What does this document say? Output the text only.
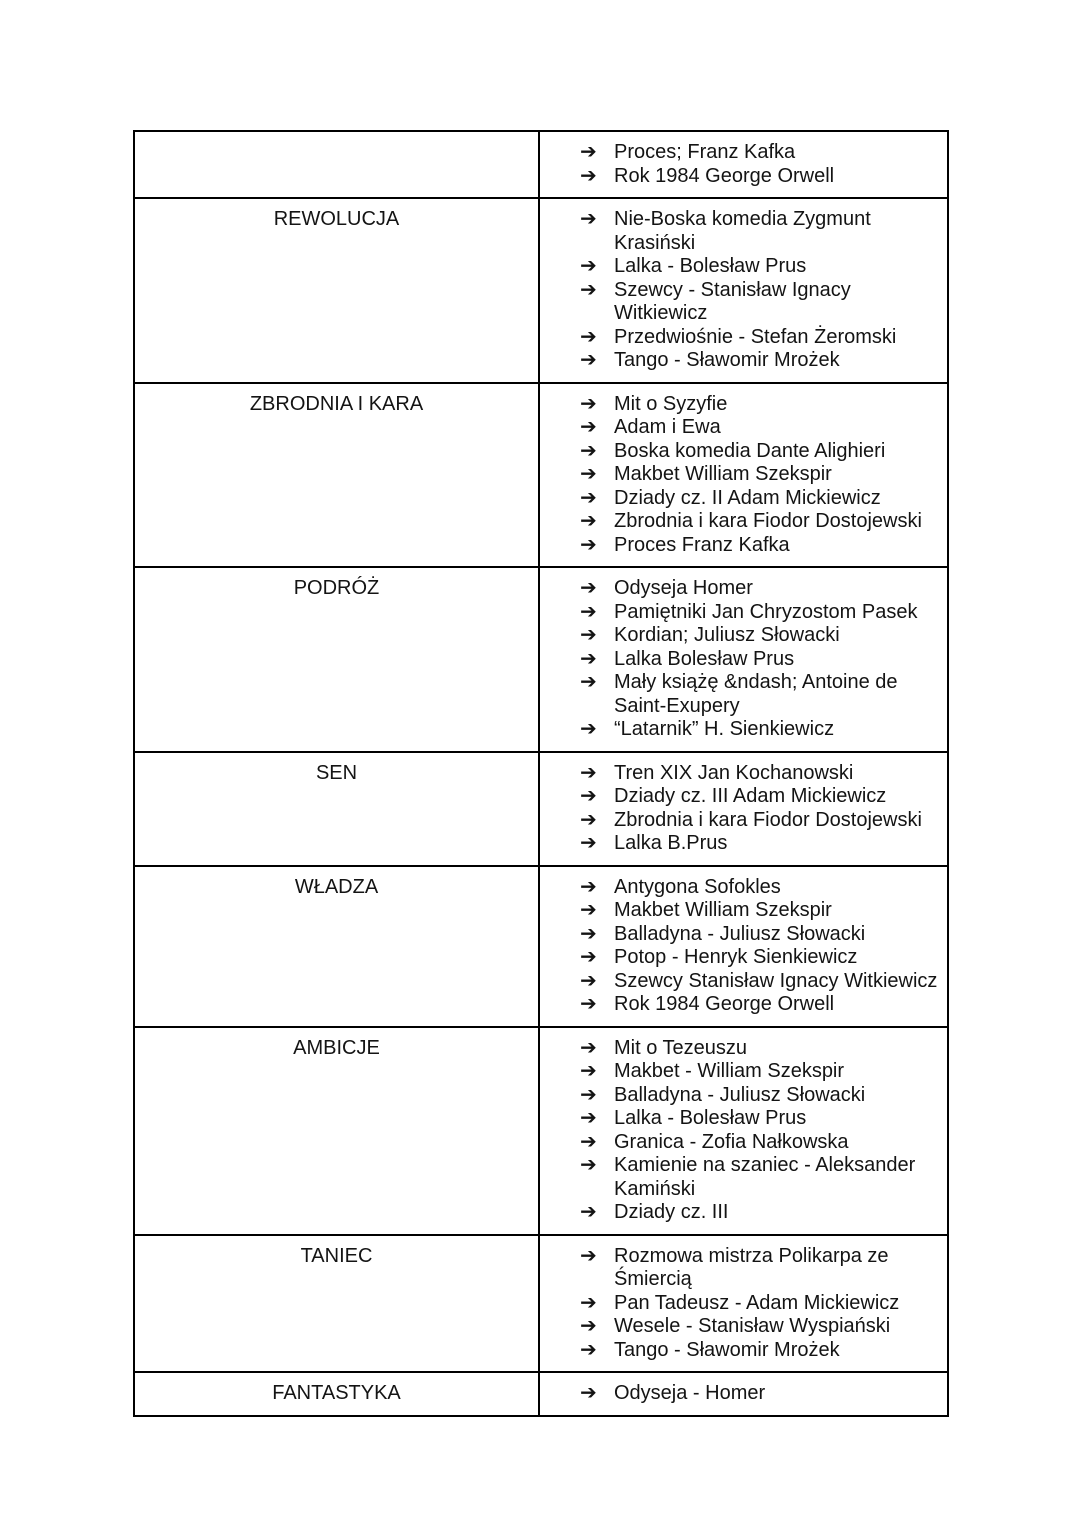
➔ Proces; Franz Kafka
➔ Rok 1984 George Orwell

REWOLUCJA	➔ Nie-Boska komedia Zygmunt Krasiński
➔ Lalka - Bolesław Prus
➔ Szewcy - Stanisław Ignacy Witkiewicz
➔ Przedwiośnie - Stefan Żeromski
➔ Tango - Sławomir Mrożek

ZBRODNIA I KARA	➔ Mit o Syzyfie
➔ Adam i Ewa
➔ Boska komedia Dante Alighieri
➔ Makbet William Szekspir
➔ Dziady cz. II Adam Mickiewicz
➔ Zbrodnia i kara Fiodor Dostojewski
➔ Proces Franz Kafka

PODRÓŻ	➔ Odyseja Homer
➔ Pamiętniki Jan Chryzostom Pasek
➔ Kordian; Juliusz Słowacki
➔ Lalka Bolesław Prus
➔ Mały książę &ndash; Antoine de Saint-Exupery
➔ “Latarnik” H. Sienkiewicz

SEN	➔ Tren XIX Jan Kochanowski
➔ Dziady cz. III Adam Mickiewicz
➔ Zbrodnia i kara Fiodor Dostojewski
➔ Lalka B.Prus

WŁADZA	➔ Antygona Sofokles
➔ Makbet William Szekspir
➔ Balladyna - Juliusz Słowacki
➔ Potop - Henryk Sienkiewicz
➔ Szewcy Stanisław Ignacy Witkiewicz
➔ Rok 1984 George Orwell

AMBICJE	➔ Mit o Tezeuszu
➔ Makbet - William Szekspir
➔ Balladyna - Juliusz Słowacki
➔ Lalka - Bolesław Prus
➔ Granica - Zofia Nałkowska
➔ Kamienie na szaniec - Aleksander Kamiński
➔ Dziady cz. III

TANIEC	➔ Rozmowa mistrza Polikarpa ze Śmiercią
➔ Pan Tadeusz - Adam Mickiewicz
➔ Wesele - Stanisław Wyspiański
➔ Tango - Sławomir Mrożek

FANTASTYKA	➔ Odyseja - Homer
